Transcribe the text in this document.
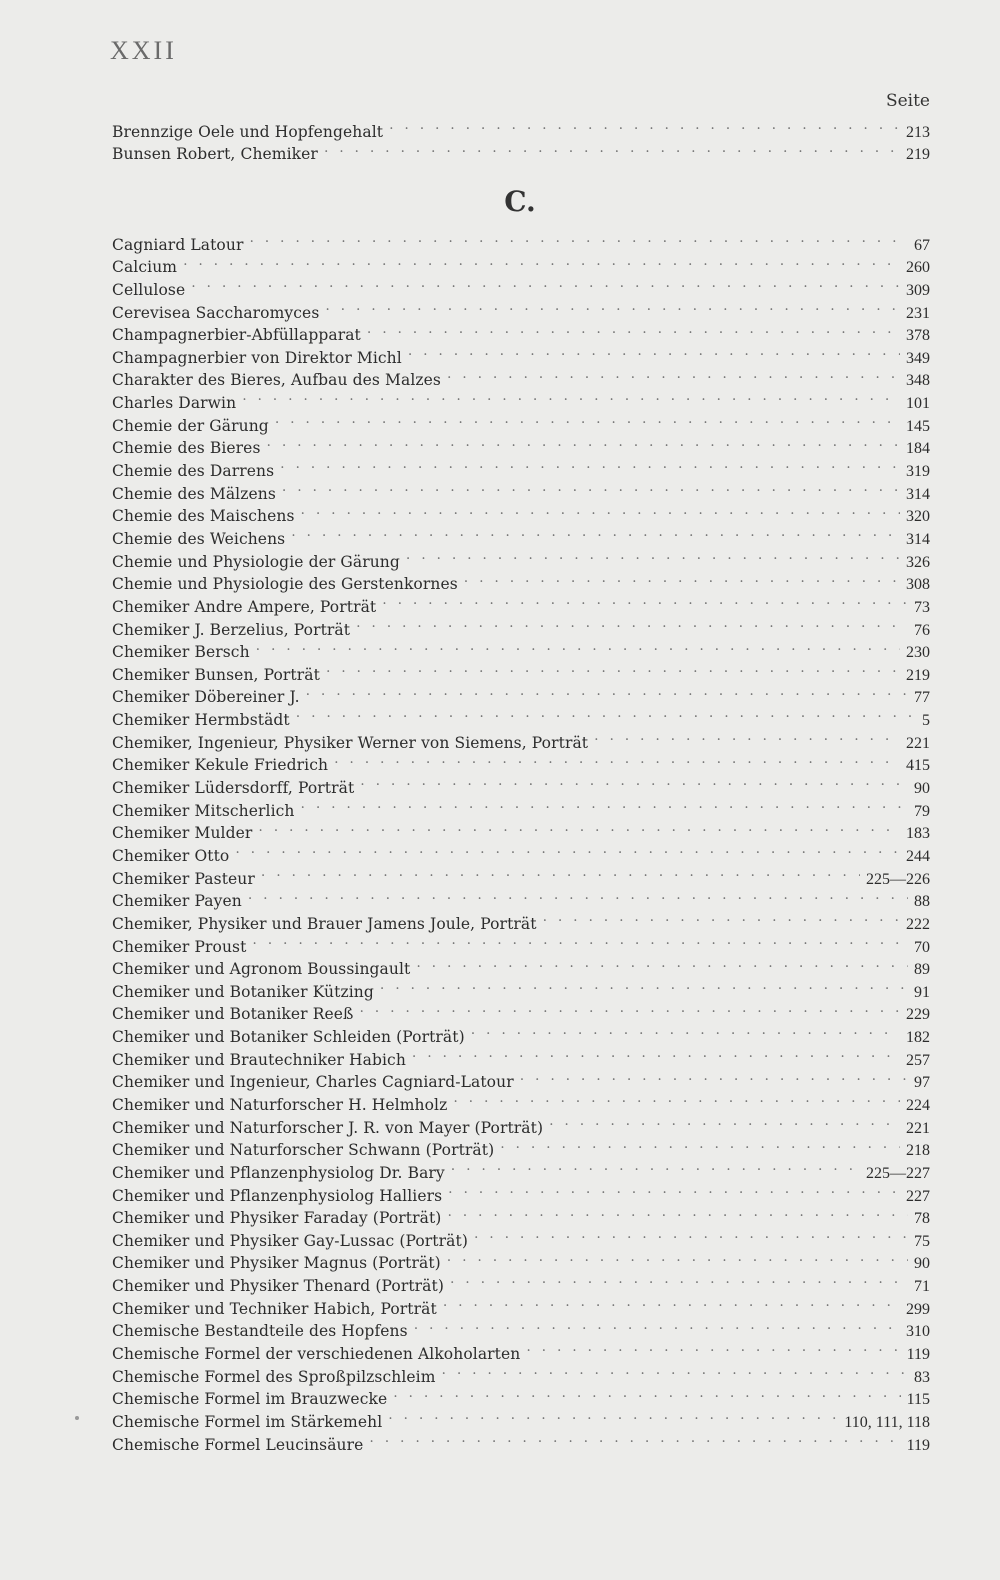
XXII
Seite
Brennzige Oele und Hopfengehalt . . .	213
Bunsen Robert, Chemiker . . .	219
C.
Cagniard Latour . . .	67
Calcium . . .	260
Cellulose . . .	309
Cerevisea Saccharomyces . . .	231
Champagnerbier-Abfüllapparat . . .	378
Champagnerbier von Direktor Michl . . .	349
Charakter des Bieres, Aufbau des Malzes . . .	348
Charles Darwin . . .	101
Chemie der Gärung . . .	145
Chemie des Bieres . . .	184
Chemie des Darrens . . .	319
Chemie des Mälzens . . .	314
Chemie des Maischens . . .	320
Chemie des Weichens . . .	314
Chemie und Physiologie der Gärung . . .	326
Chemie und Physiologie des Gerstenkornes . . .	308
Chemiker Andre Ampere, Porträt . . .	73
Chemiker J. Berzelius, Porträt . . .	76
Chemiker Bersch . . .	230
Chemiker Bunsen, Porträt . . .	219
Chemiker Döbereiner J. . . .	77
Chemiker Hermbstädt . . .	5
Chemiker, Ingenieur, Physiker Werner von Siemens, Porträt . . .	221
Chemiker Kekule Friedrich . . .	415
Chemiker Lüdersdorff, Porträt . . .	90
Chemiker Mitscherlich . . .	79
Chemiker Mulder . . .	183
Chemiker Otto . . .	244
Chemiker Pasteur . . .	225—226
Chemiker Payen . . .	88
Chemiker, Physiker und Brauer Jamens Joule, Porträt . . .	222
Chemiker Proust . . .	70
Chemiker und Agronom Boussingault . . .	89
Chemiker und Botaniker Kützing . . .	91
Chemiker und Botaniker Reeß . . .	229
Chemiker und Botaniker Schleiden (Porträt) . . .	182
Chemiker und Brautechniker Habich . . .	257
Chemiker und Ingenieur, Charles Cagniard-Latour . . .	97
Chemiker und Naturforscher H. Helmholz . . .	224
Chemiker und Naturforscher J. R. von Mayer (Porträt) . . .	221
Chemiker und Naturforscher Schwann (Porträt) . . .	218
Chemiker und Pflanzenphysiolog Dr. Bary . . .	225—227
Chemiker und Pflanzenphysiolog Halliers . . .	227
Chemiker und Physiker Faraday (Porträt) . . .	78
Chemiker und Physiker Gay-Lussac (Porträt) . . .	75
Chemiker und Physiker Magnus (Porträt) . . .	90
Chemiker und Physiker Thenard (Porträt) . . .	71
Chemiker und Techniker Habich, Porträt . . .	299
Chemische Bestandteile des Hopfens . . .	310
Chemische Formel der verschiedenen Alkoholarten . . .	119
Chemische Formel des Sproßpilzschleim . . .	83
Chemische Formel im Brauzwecke . . .	115
Chemische Formel im Stärkemehl . . .	110, 111, 118
Chemische Formel Leucinsäure . . .	119
